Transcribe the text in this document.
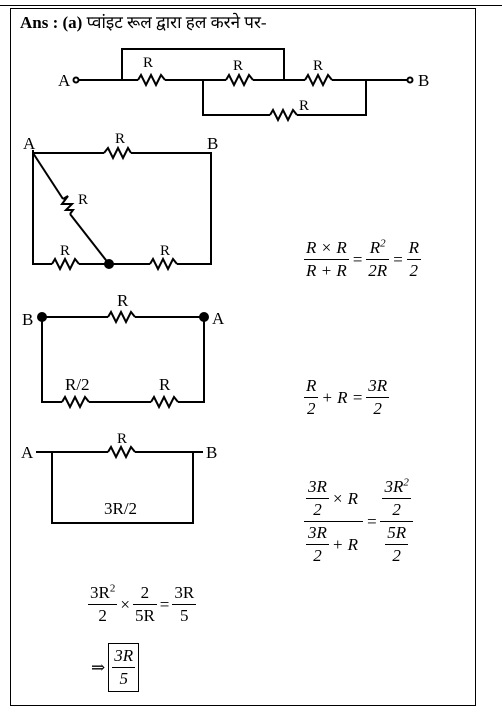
Ans : (a) प्वांइट रूल द्वारा हल करने पर-
A	B
R	R	R
R
A	B
R
R
R	R
B	A
R
R/2	R
A	B
R
3R/2
$\frac{R \times R}{R + R} = \frac{R^2}{2R} = \frac{R}{2}$
$\frac{R}{2} + R = \frac{3R}{2}$
$\frac{\frac{3R}{2} \times R}{\frac{3R}{2} + R} = \frac{\frac{3R^2}{2}}{\frac{5R}{2}}$
$\frac{3R^2}{2} \times \frac{2}{5R} = \frac{3R}{5}$
⇒ $\frac{3R}{5}$
